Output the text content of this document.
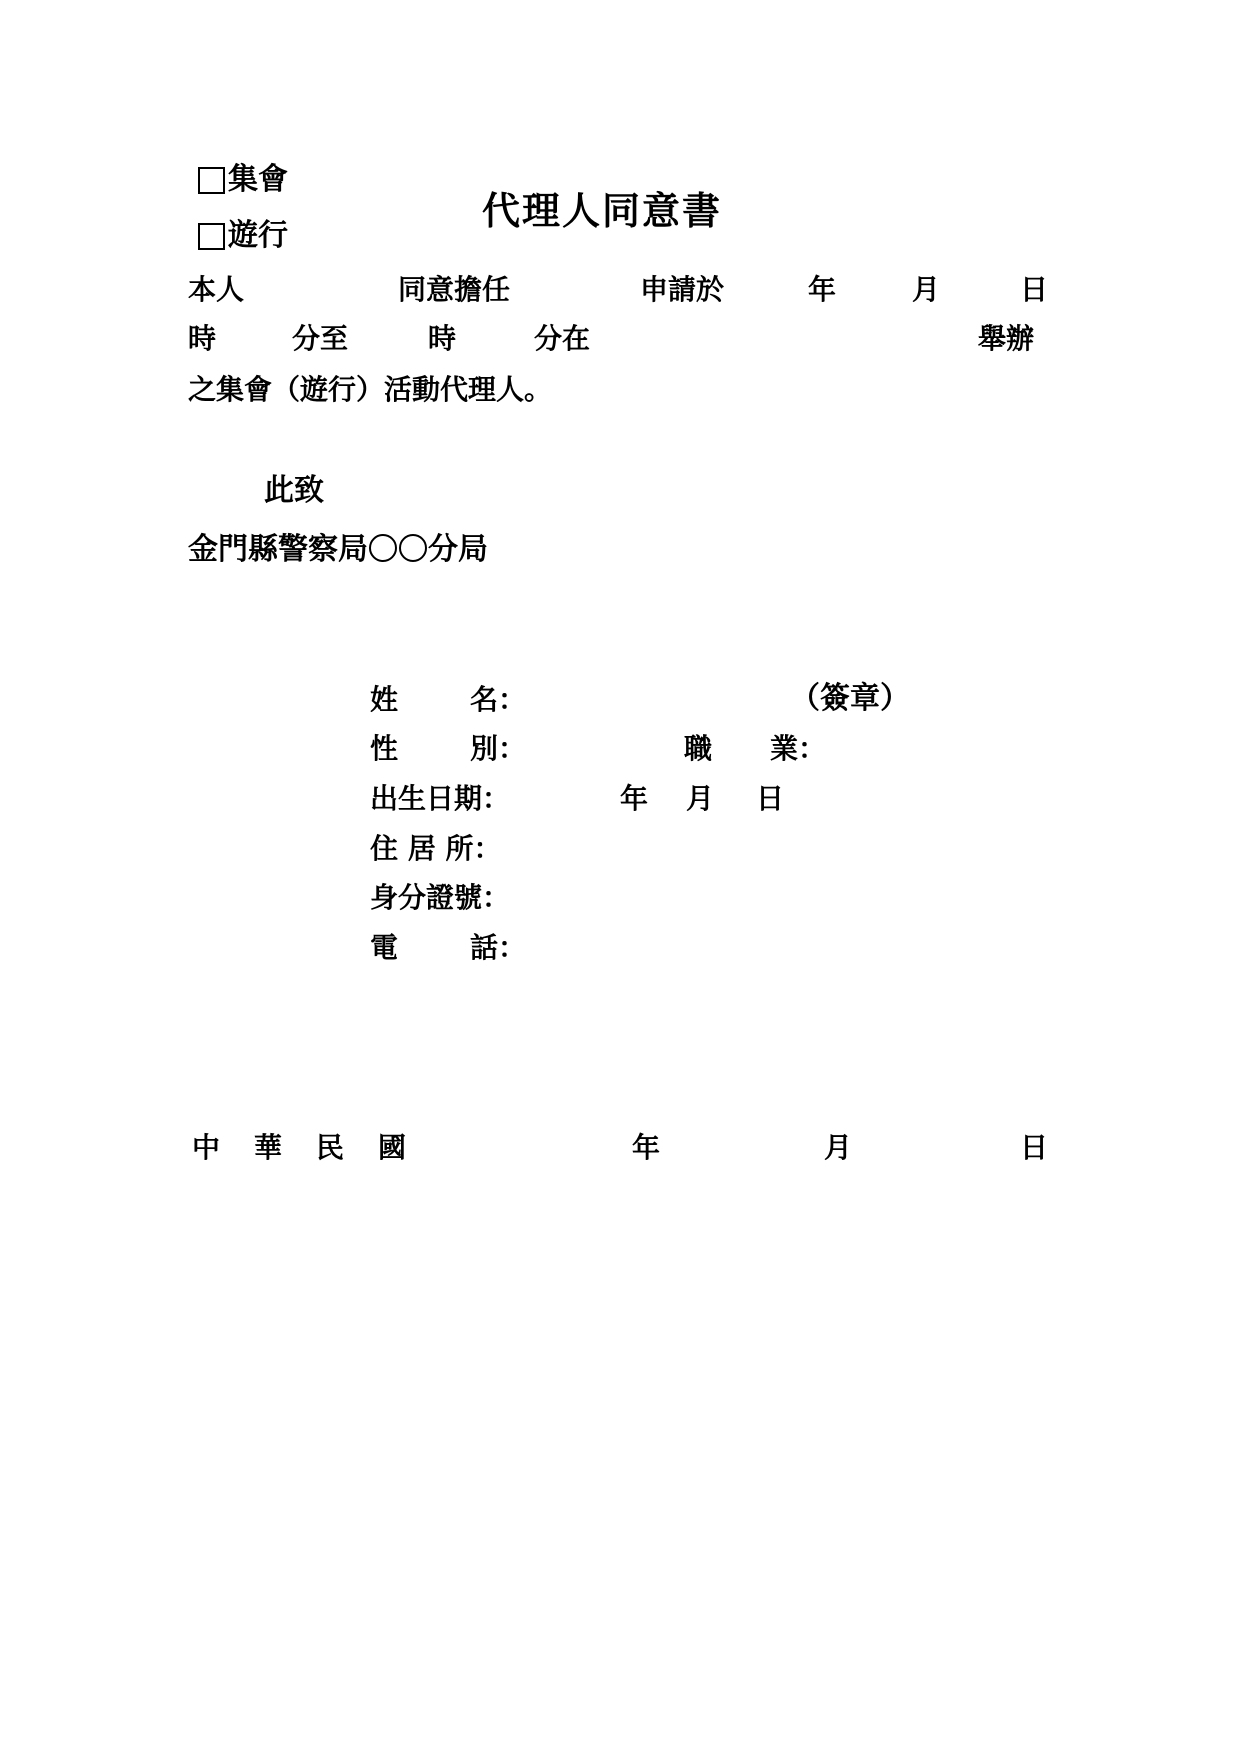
集會
遊行
代理人同意書
本人	同意擔任	申請於	年	月	日
時	分至	時	分在	舉辦
之集會（遊行）活動代理人。
此致
金門縣警察局 分局
姓	名：	（簽章）
性	別：	職 業：
出生日期：	年 月 日
住 居 所：
身分證號：
電	話：
中 華 民 國	年	月	日
